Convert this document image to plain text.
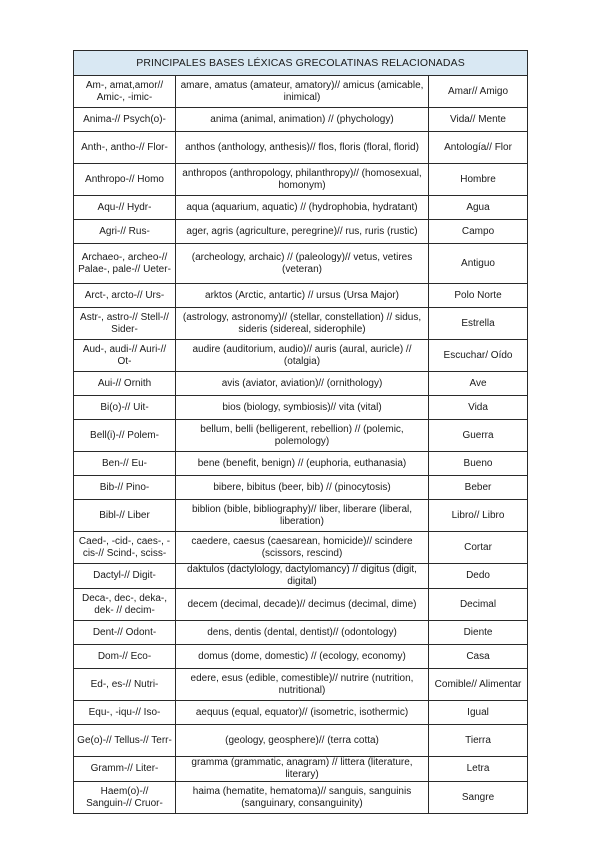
PRINCIPALES BASES LÉXICAS GRECOLATINAS RELACIONADAS		
Am-, amat,amor// Amic-, -imic-	amare, amatus (amateur, amatory)// amicus (amicable, inimical)	Amar// Amigo
Anima-// Psych(o)-	anima (animal, animation) // (phychology)	Vida// Mente
Anth-, antho-// Flor-	anthos (anthology, anthesis)// flos, floris (floral, florid)	Antología// Flor
Anthropo-// Homo	anthropos (anthropology, philanthropy)// (homosexual, homonym)	Hombre
Aqu-// Hydr-	aqua (aquarium, aquatic) // (hydrophobia, hydratant)	Agua
Agri-// Rus-	ager, agris (agriculture, peregrine)// rus, ruris (rustic)	Campo
Archaeo-, archeo-// Palae-, pale-// Ueter-	(archeology, archaic) // (paleology)// vetus, vetires (veteran)	Antiguo
Arct-, arcto-// Urs-	arktos (Arctic, antartic) // ursus (Ursa Major)	Polo Norte
Astr-, astro-// Stell-// Sider-	(astrology, astronomy)// (stellar, constellation) // sidus, sideris (sidereal, siderophile)	Estrella
Aud-, audi-// Auri-// Ot-	audire (auditorium, audio)// auris (aural, auricle) // (otalgia)	Escuchar/ Oído
Aui-// Ornith	avis (aviator, aviation)// (ornithology)	Ave
Bi(o)-// Uit-	bios (biology, symbiosis)// vita (vital)	Vida
Bell(i)-// Polem-	bellum, belli (belligerent, rebellion) // (polemic, polemology)	Guerra
Ben-// Eu-	bene (benefit, benign) // (euphoria, euthanasia)	Bueno
Bib-// Pino-	bibere, bibitus (beer, bib) // (pinocytosis)	Beber
Bibl-// Liber	biblion (bible, bibliography)// liber, liberare (liberal, liberation)	Libro// Libro
Caed-, -cid-, caes-, -cis-// Scind-, sciss-	caedere, caesus (caesarean, homicide)// scindere (scissors, rescind)	Cortar
Dactyl-// Digit-	daktulos (dactylology, dactylomancy) // digitus (digit, digital)	Dedo
Deca-, dec-, deka-, dek- // decim-	decem (decimal, decade)// decimus (decimal, dime)	Decimal
Dent-// Odont-	dens, dentis (dental, dentist)// (odontology)	Diente
Dom-// Eco-	domus (dome, domestic) // (ecology, economy)	Casa
Ed-, es-// Nutri-	edere, esus (edible, comestible)// nutrire (nutrition, nutritional)	Comible// Alimentar
Equ-, -iqu-// Iso-	aequus (equal, equator)// (isometric, isothermic)	Igual
Ge(o)-// Tellus-// Terr-	(geology, geosphere)// (terra cotta)	Tierra
Gramm-// Liter-	gramma (grammatic, anagram) // littera (literature, literary)	Letra
Haem(o)-// Sanguin-// Cruor-	haima (hematite, hematoma)// sanguis, sanguinis (sanguinary, consanguinity)	Sangre
